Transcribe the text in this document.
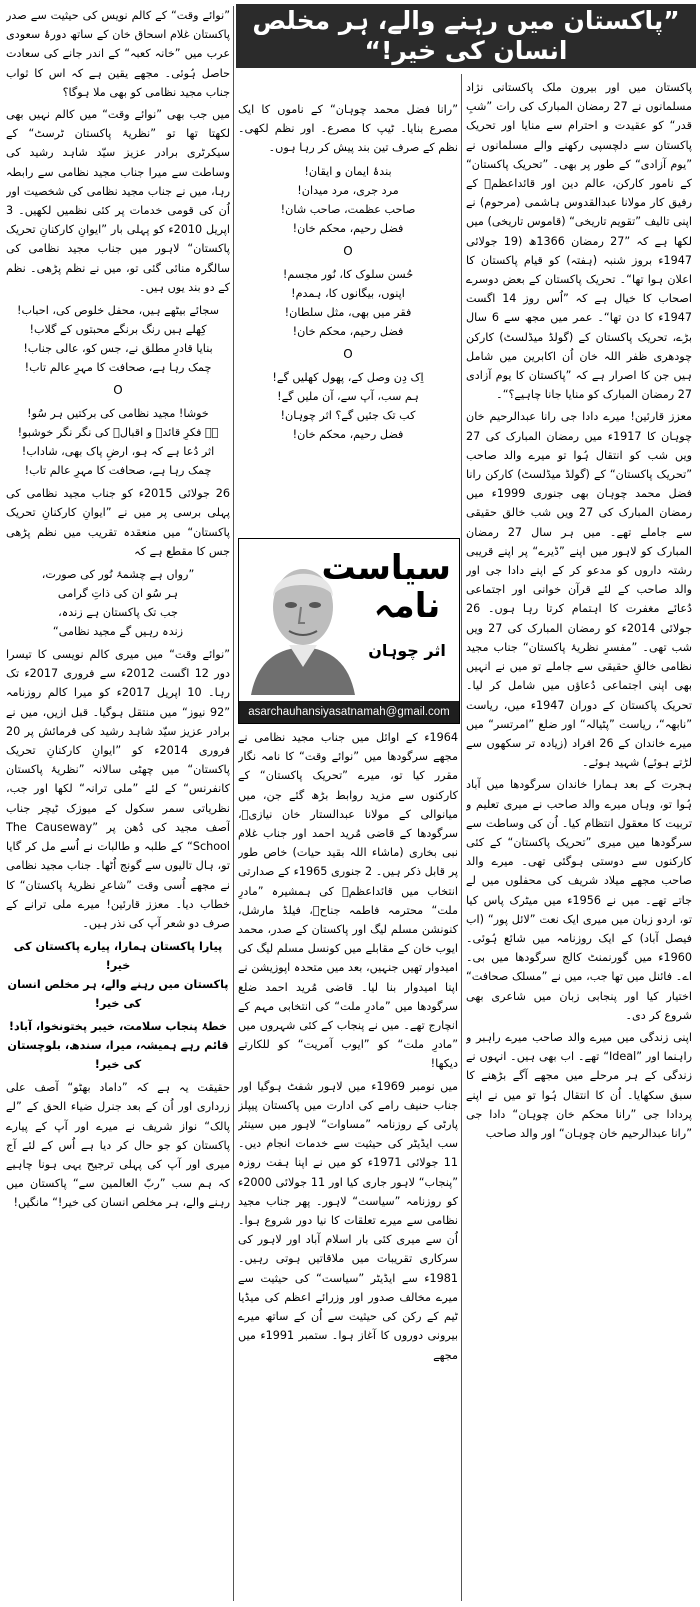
”پاکستان میں رہنے والے، ہر مخلص انسان کی خیر!“

پاکستان میں اور بیرون ملک پاکستانی نژاد مسلمانوں نے 27 رمضان المبارک کی رات ”شبِ قدر“ کو عقیدت و احترام سے منایا اور تحریک پاکستان سے دلچسپی رکھنے والے مسلمانوں نے ”یوم آزادی“ کے طور پر بھی۔ ”تحریک پاکستان“ کے نامور کارکن، عالم دین اور قائداعظمؒ کے رفیق کار مولانا عبدالقدوس ہاشمی (مرحوم) نے اپنی تالیف ”تقویم تاریخی“ (قاموس تاریخی) میں لکھا ہے کہ ”27 رمضان 1366ھ (19 جولائی 1947ء بروز شنبہ (ہفتہ) کو قیام پاکستان کا اعلان ہوا تھا“۔ تحریک پاکستان کے بعض دوسرے اصحاب کا خیال ہے کہ ”اُس روز 14 اگست 1947ء کا دن تھا“۔ عمر میں مجھ سے 6 سال بڑے، تحریک پاکستان کے (گولڈ میڈلسٹ) کارکن چودھری ظفر اللہ خان اُن اکابرین میں شامل ہیں جن کا اصرار ہے کہ ”پاکستان کا یوم آزادی 27 رمضان المبارک کو منایا جانا چاہیے؟“۔

معزز قارئین! میرے دادا جی رانا عبدالرحیم خان چوہان کا 1917ء میں رمضان المبارک کی 27 ویں شب کو انتقال ہُوا تو میرے والد صاحب ”تحریک پاکستان“ کے (گولڈ میڈلسٹ) کارکن رانا فضل محمد چوہان بھی جنوری 1999ء میں رمضان المبارک کی 27 ویں شب خالق حقیقی سے جاملے تھے۔ میں ہر سال 27 رمضان المبارک کو لاہور میں اپنے ”ڈیرے“ پر اپنے قریبی رشتہ داروں کو مدعو کر کے اپنے دادا جی اور والد صاحب کے لئے قرآن خوانی اور اجتماعی دُعائے مغفرت کا اہتمام کرتا رہا ہوں۔ 26 جولائی 2014ء کو رمضان المبارک کی 27 ویں شب تھی۔ ”مفسرِ نظریۂ پاکستان“ جناب مجید نظامی خالقِ حقیقی سے جاملے تو میں نے انہیں بھی اپنی اجتماعی دُعاؤں میں شامل کر لیا۔ تحریک پاکستان کے دوران 1947ء میں، ریاست ”نابھہ“، ریاست ”پٹیالہ“ اور ضلع ”امرتسر“ میں میرے خاندان کے 26 افراد (زیادہ تر سکھوں سے لڑتے ہوئے) شہید ہوئے۔

ہجرت کے بعد ہمارا خاندان سرگودھا میں آباد ہُوا تو، وہاں میرے والد صاحب نے میری تعلیم و تربیت کا معقول انتظام کیا۔ اُن کی وساطت سے سرگودھا میں میری ”تحریک پاکستان“ کے کئی کارکنوں سے دوستی ہوگئی تھی۔ میرے والد صاحب مجھے میلاد شریف کی محفلوں میں لے جاتے تھے۔ میں نے 1956ء میں میٹرک پاس کیا تو، اردو زبان میں میری ایک نعت ”لائل پور“ (اب فیصل آباد) کے ایک روزنامہ میں شائع ہُوئی۔ 1960ء میں گورنمنٹ کالج سرگودھا میں بی۔ اے۔ فائنل میں تھا جب، میں نے ”مسلک صحافت“ اختیار کیا اور پنجابی زبان میں شاعری بھی شروع کر دی۔

اپنی زندگی میں میرے والد صاحب میرے راہبر و راہنما اور ”Ideal“ تھے۔ اب بھی ہیں۔ انہوں نے زندگی کے ہر مرحلے میں مجھے آگے بڑھنے کا سبق سکھایا۔ اُن کا انتقال ہُوا تو میں نے اپنے پردادا جی ”رانا محکم خان چوہان“ دادا جی ”رانا عبدالرحیم خان چوہان“ اور والد صاحب

”رانا فضل محمد چوہان“ کے ناموں کا ایک مصرع بنایا۔ ٹیپ کا مصرع۔ اور نظم لکھی۔ نظم کے صرف تین بند پیش کر رہا ہوں۔

بندۂ ایمان و ایقان!
مرد جری، مرد میدان!
صاحب عظمت، صاحب شان!
فضل رحیم، محکم خان!
O
حُسن سلوک کا، نُور مجسم!
اپنوں، بیگانوں کا، ہمدم!
فقر میں بھی، مثل سلطان!
فضل رحیم، محکم خان!
O
اِک دِن وصل کے، پھول کھلیں گے!
ہم سب، آپ سے، آن ملیں گے!
کب تک جئیں گے؟ اثر چوہان!
فضل رحیم، محکم خان!
سیاست
نامہ
اثر چوہان
asarchauhansiyasatnamah@gmail.com

1964ء کے اوائل میں جناب مجید نظامی نے مجھے سرگودھا میں ”نوائے وقت“ کا نامہ نگار مقرر کیا تو، میرے ”تحریک پاکستان“ کے کارکنوں سے مزید روابط بڑھ گئے جن، میں میانوالی کے مولانا عبدالستار خان نیازیؒ، سرگودھا کے قاضی مُرید احمد اور جناب غلام نبی بخاری (ماشاء اللہ بقید حیات) خاص طور پر قابل ذکر ہیں۔ 2 جنوری 1965ء کے صدارتی انتخاب میں قائداعظمؒ کی ہمشیرہ ”مادرِ ملت“ محترمہ فاطمہ جناحؒ، فیلڈ مارشل، کنونشن مسلم لیگ اور پاکستان کے صدر، محمد ایوب خان کے مقابلے میں کونسل مسلم لیگ کی امیدوار تھیں جنہیں، بعد میں متحدہ اپوزیشن نے اپنا امیدوار بنا لیا۔ قاضی مُرید احمد ضلع سرگودھا میں ”مادرِ ملت“ کی انتخابی مہم کے انچارج تھے۔ میں نے پنجاب کے کئی شہروں میں ”مادرِ ملت“ کو ”ایوب آمریت“ کو للکارتے دیکھا!

میں نومبر 1969ء میں لاہور شفٹ ہوگیا اور جناب حنیف رامے کی ادارت میں پاکستان پیپلز پارٹی کے روزنامہ ”مساوات“ لاہور میں سینئر سب ایڈیٹر کی حیثیت سے خدمات انجام دیں۔ 11 جولائی 1971ء کو میں نے اپنا ہفت روزہ ”پنجاب“ لاہور جاری کیا اور 11 جولائی 2000ء کو روزنامہ ”سیاست“ لاہور۔ پھر جناب مجید نظامی سے میرے تعلقات کا نیا دور شروع ہوا۔ اُن سے میری کئی بار اسلام آباد اور لاہور کی سرکاری تقریبات میں ملاقاتیں ہوتی رہیں۔ 1981ء سے ایڈیٹر ”سیاست“ کی حیثیت سے میرے مخالف صدور اور وزرائے اعظم کی میڈیا ٹیم کے رکن کی حیثیت سے اُن کے ساتھ میرے بیرونی دوروں کا آغاز ہوا۔ ستمبر 1991ء میں مجھے

”نوائے وقت“ کے کالم نویس کی حیثیت سے صدر پاکستان غلام اسحاق خان کے ساتھ دورۂ سعودی عرب میں ”خانہ کعبہ“ کے اندر جانے کی سعادت حاصل ہُوئی۔ مجھے یقین ہے کہ اس کا ثواب جناب مجید نظامی کو بھی ملا ہوگا؟

میں جب بھی ”نوائے وقت“ میں کالم نہیں بھی لکھتا تھا تو ”نظریۂ پاکستان ٹرسٹ“ کے سیکرٹری برادر عزیز سیّد شاہد رشید کی وساطت سے میرا جناب مجید نظامی سے رابطہ رہا، میں نے جناب مجید نظامی کی شخصیت اور اُن کی قومی خدمات پر کئی نظمیں لکھیں۔ 3 اپریل 2010ء کو پہلی بار ”ایوانِ کارکنانِ تحریک پاکستان“ لاہور میں جناب مجید نظامی کی سالگرہ منائی گئی تو، میں نے نظم پڑھی۔ نظم کے دو بند یوں ہیں۔

سجائے بیٹھے ہیں، محفل خلوص کی، احباب!
کِھلے ہیں رنگ برنگے محبتوں کے گلاب!
بنایا قادرِ مطلق نے، جس کو، عالی جناب!
چمک رہا ہے، صحافت کا مہرِ عالم تاب!
O
خوشا! مجید نظامی کی برکتیں ہر سُو!
ہے فکرِ قائدؒ و اقبالؒ کی نگر نگر خوشبو!
اثر دُعا ہے کہ ہو، ارضِ پاک بھی، شاداب!
چمک رہا ہے، صحافت کا مہرِ عالم تاب!

26 جولائی 2015ء کو جناب مجید نظامی کی پہلی برسی پر میں نے ”ایوانِ کارکنانِ تحریک پاکستان“ میں منعقدہ تقریب میں نظم پڑھی جس کا مقطع ہے کہ

”رواں ہے چشمۂ نُور کی صورت،
ہر سُو ان کی ذاتِ گرامی
جب تک پاکستان ہے زندہ،
زندہ رہیں گے مجید نظامی“

”نوائے وقت“ میں میری کالم نویسی کا تیسرا دور 12 اگست 2012ء سے فروری 2017ء تک رہا۔ 10 اپریل 2017ء کو میرا کالم روزنامہ ”92 نیوز“ میں منتقل ہوگیا۔ قبل ازیں، میں نے برادر عزیز سیّد شاہد رشید کی فرمائش پر 20 فروری 2014ء کو ”ایوانِ کارکنانِ تحریک پاکستان“ میں چھٹی سالانہ ”نظریۂ پاکستان کانفرنس“ کے لئے ”ملی ترانہ“ لکھا اور جب، نظریاتی سمر سکول کے میوزک ٹیچر جناب آصف مجید کی دُھن پر ”The Causeway School“ کے طلبہ و طالبات نے اُسے مل کر گایا تو، ہال تالیوں سے گونج اُٹھا۔ جناب مجید نظامی نے مجھے اُسی وقت ”شاعرِ نظریۂ پاکستان“ کا خطاب دیا۔ معزز قارئین! میرے ملی ترانے کے صرف دو شعر آپ کی نذر ہیں۔

پیارا پاکستان ہمارا، پیارے پاکستان کی خیر!
پاکستان میں رہنے والے، ہر مخلص انسان کی خیر!
خطۂ پنجاب سلامت، خیبر پختونخوا، آباد!
قائم رہے ہمیشہ، میرا، سندھ، بلوچستان کی خیر!

حقیقت یہ ہے کہ ”داماد بھٹو“ آصف علی زرداری اور اُن کے بعد جنرل ضیاء الحق کے ”لے پالک“ نواز شریف نے میرے اور آپ کے پیارے پاکستان کو جو حال کر دیا ہے اُس کے لئے آج میری اور آپ کی پہلی ترجیح یہی ہونا چاہیے کہ ہم سب ”ربّ العالمین سے“ پاکستان میں رہنے والے، ہر مخلص انسان کی خیر!“ مانگیں!
